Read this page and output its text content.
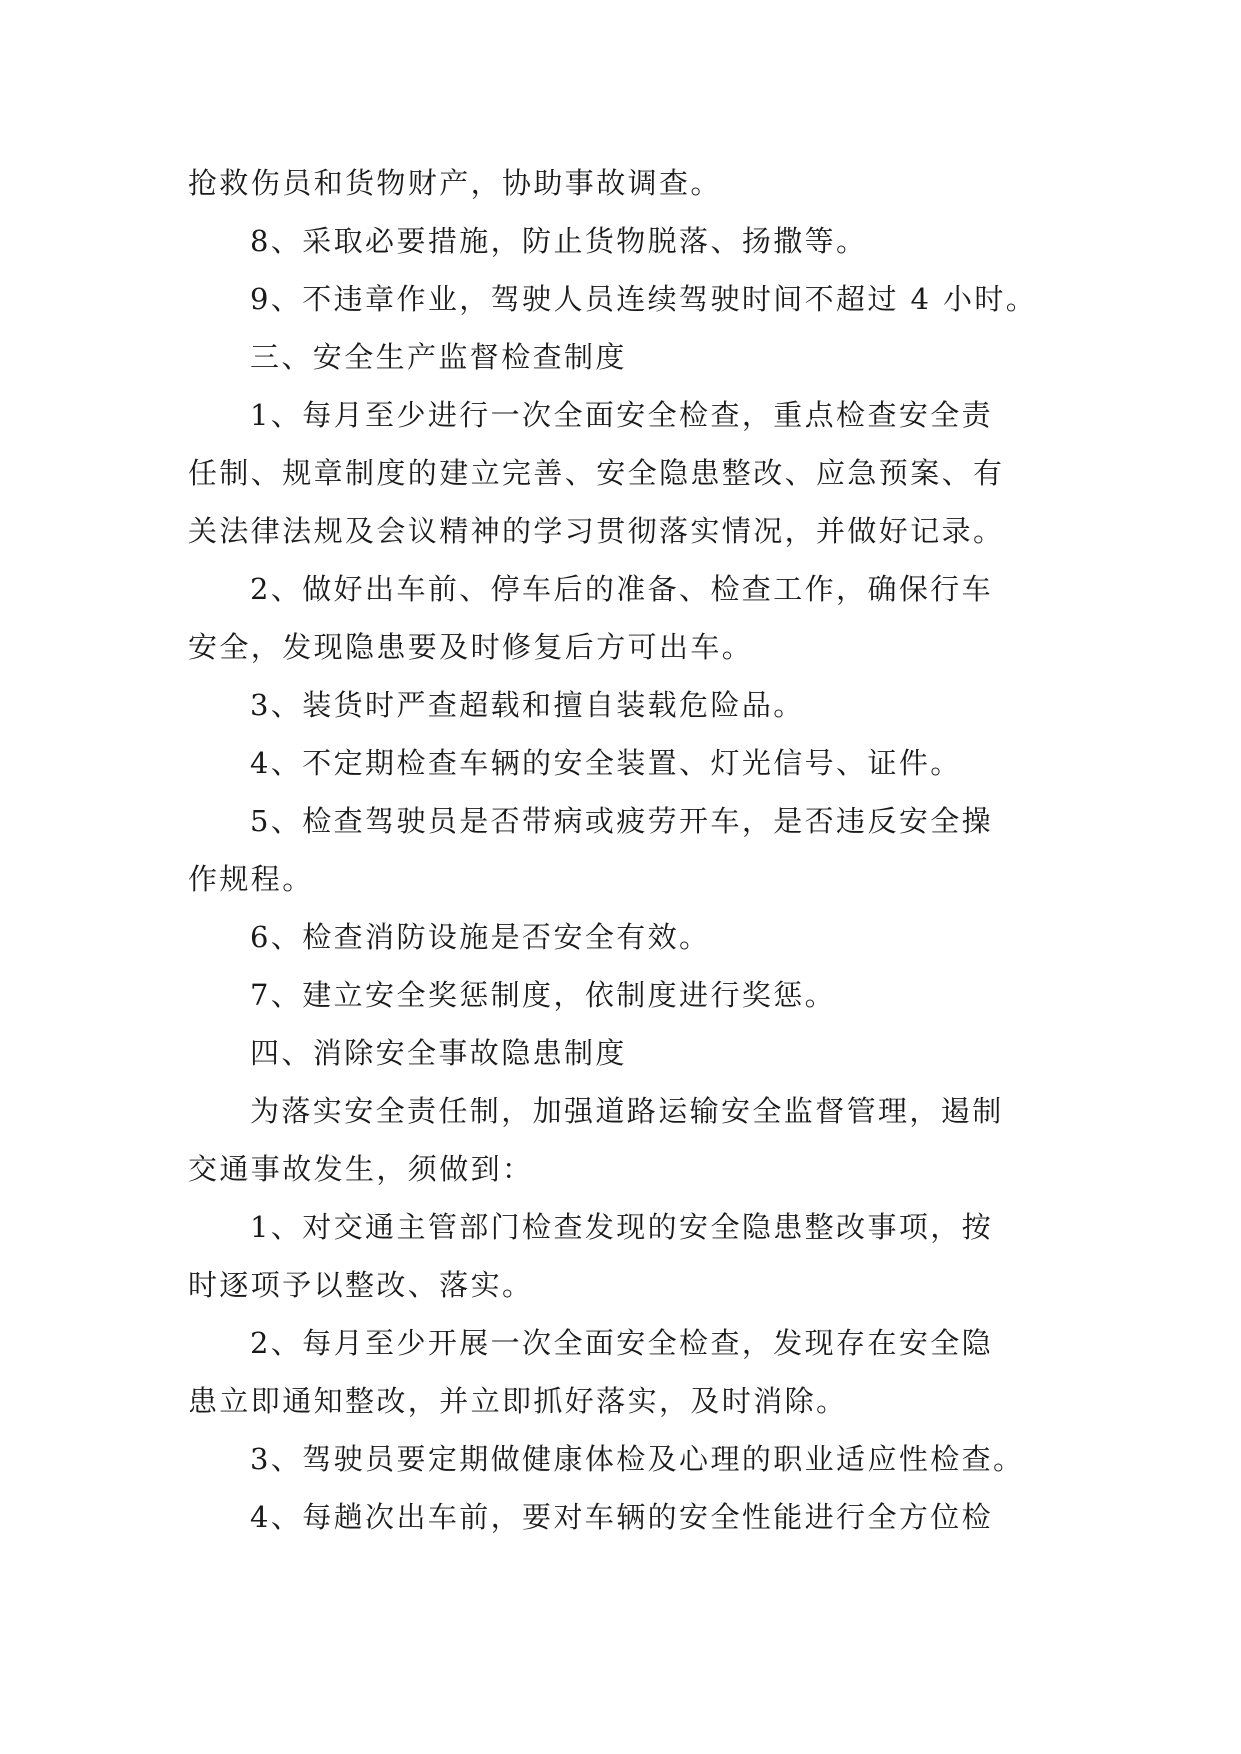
抢救伤员和货物财产，协助事故调查。
8、采取必要措施，防止货物脱落、扬撒等。
9、不违章作业，驾驶人员连续驾驶时间不超过 4 小时。
三、安全生产监督检查制度
1、每月至少进行一次全面安全检查，重点检查安全责
任制、规章制度的建立完善、安全隐患整改、应急预案、有
关法律法规及会议精神的学习贯彻落实情况，并做好记录。
2、做好出车前、停车后的准备、检查工作，确保行车
安全，发现隐患要及时修复后方可出车。
3、装货时严查超载和擅自装载危险品。
4、不定期检查车辆的安全装置、灯光信号、证件。
5、检查驾驶员是否带病或疲劳开车，是否违反安全操
作规程。
6、检查消防设施是否安全有效。
7、建立安全奖惩制度，依制度进行奖惩。
四、消除安全事故隐患制度
为落实安全责任制，加强道路运输安全监督管理，遏制
交通事故发生，须做到：
1、对交通主管部门检查发现的安全隐患整改事项，按
时逐项予以整改、落实。
2、每月至少开展一次全面安全检查，发现存在安全隐
患立即通知整改，并立即抓好落实，及时消除。
3、驾驶员要定期做健康体检及心理的职业适应性检查。
4、每趟次出车前，要对车辆的安全性能进行全方位检
